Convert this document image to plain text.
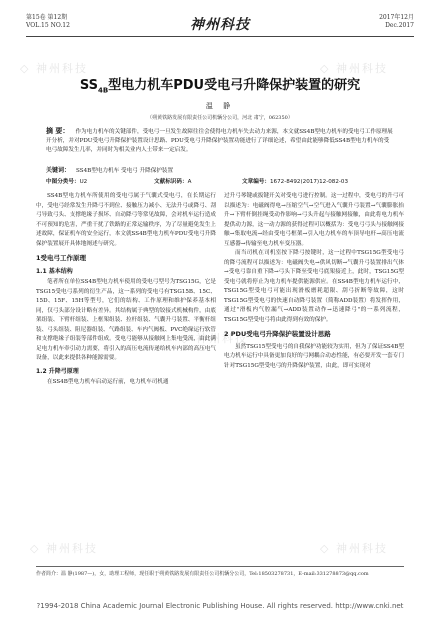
◇ 神州科技	◇ 神州科技
◇ 神州科技
◇ 神州科技	◇ 神州科技
第15卷 第12期
VOL.15 NO.12	神州科技	2017年12月
Dec.2017
$SS_{4B}$型电力机车PDU受电弓升降保护装置的研究
温 静
（朔黄铁路发展有限责任公司机辆分公司，河北 肃宁，062350）
摘 要： 作为电力机车的关键部件，受电弓一旦发生故障往往会使得电力机车失去动力来源，本文就SS4B型电力机车的受电弓工作原理展开分析，并对PDU受电弓升降保护装置设计思路、PDU受电弓升降保护装置功能进行了详细论述，希望由此能够降低SS4B型电力机车的受电弓故障发生几率，并同时为相关业内人士带来一定启发。
关键词： SS4B型电力机车 受电弓 升降保护装置
中图分类号：U2	文献标识码：A	文章编号：1672-8492(2017)12-082-03

SS4B型电力机车所使用的受电弓属于气囊式受电弓，在长期运行中，受电弓经常发生升降弓不到位、接触压力减小、无法升弓或降弓、刮弓导致弓头、支撑绝缘子损坏、自动降弓等常见故障，会对机车运行造成不可预知的危害，严重干扰了铁路的正常运输秩序，为了尽量避免发生上述故障，保证机车的安全运行，本文就SS4B型电力机车PDU受电弓升降保护装置展开具体地阐述与研究。

1受电弓工作原理
1.1 基本结构

笔者所在单位SS4B型电力机车使用的受电弓型号为TSG15G，它是TSG15受电弓系列的衍生产品，这一系列的受电弓有TSG15B、15C、15D、15F、15H等型号，它们的结构、工作原理和维护保养基本相同，仅弓头部分设计略有差异。其结构属于典型的铰接式机械构件，由底架组装、下臂杆组装、上框架组装、拉杆组装、气囊升弓装置、平衡杆组装、弓头组装、阻尼器组装、气路组装、车内气阀板、PVC绝缘运行软管和支撑绝缘子组装等部件组成。受电弓能够从接触网上集电受流，由此满足电力机车牵引动力需要，将引入的高压电流传递给机车内部的高压电气设备，以此来提供各种能源需要。

1.2 升降弓原理

在SS4B型电力机车启动运行前，电力机车司机通

过升弓琴键或扳键开关对受电弓进行控制。这一过程中，受电弓的升弓可以描述为：电磁阀得电→压缩空气→空气进入气囊升弓装置→气囊膨胀抬升→下臂杆倒挂绳受动作影响→弓头升起与接触网接触，由此将电力机车提供动力源，这一动力源的获得过程可以概括为：受电弓弓头与接触网接触→集取电流→经由受电弓框架→引入电力机车的车顶导电杆→高压电流互感器→传输至电力机车变压器。

而当司机在司机室按下降弓按键时，这一过程中TSG15G型受电弓的降弓流程可以描述为：电磁阀失电→供风切断→气囊升弓装置排出气体→受电弓靠自重下降→弓头下降至受电弓底架接近上，此时，TSG15G型受电弓就将停止为电力机车提供能源供应。在SS4B型电力机车运行中，TSG15G型受电弓可能出现滑板磨耗超限、刮弓折断等故障，这时TSG15G型受电弓的快速自动降弓装置（简称ADD装置）将发挥作用，通过"滑板内气腔漏气→ADD装置动作→迅速降弓"的一系列流程，TSG15G型受电弓将由此得到有效的保护。

2 PDU受电弓升降保护装置设计思路

虽然TSG15型受电弓的自我保护功能较为实用，但为了保证SS4B型电力机车运行中具备更加良好的弓网耦合动态性能，有必要开发一套专门针对TSG15G型受电弓的升降保护装置，由此，即可实现对

作者简介：温 静(1987—)，女，助理工程师，现任职于朔黄铁路发展有限责任公司机辆分公司，Tel:18503278731，E-mail:331278873@qq.com
?1994-2018 China Academic Journal Electronic Publishing House. All rights reserved. http://www.cnki.net
